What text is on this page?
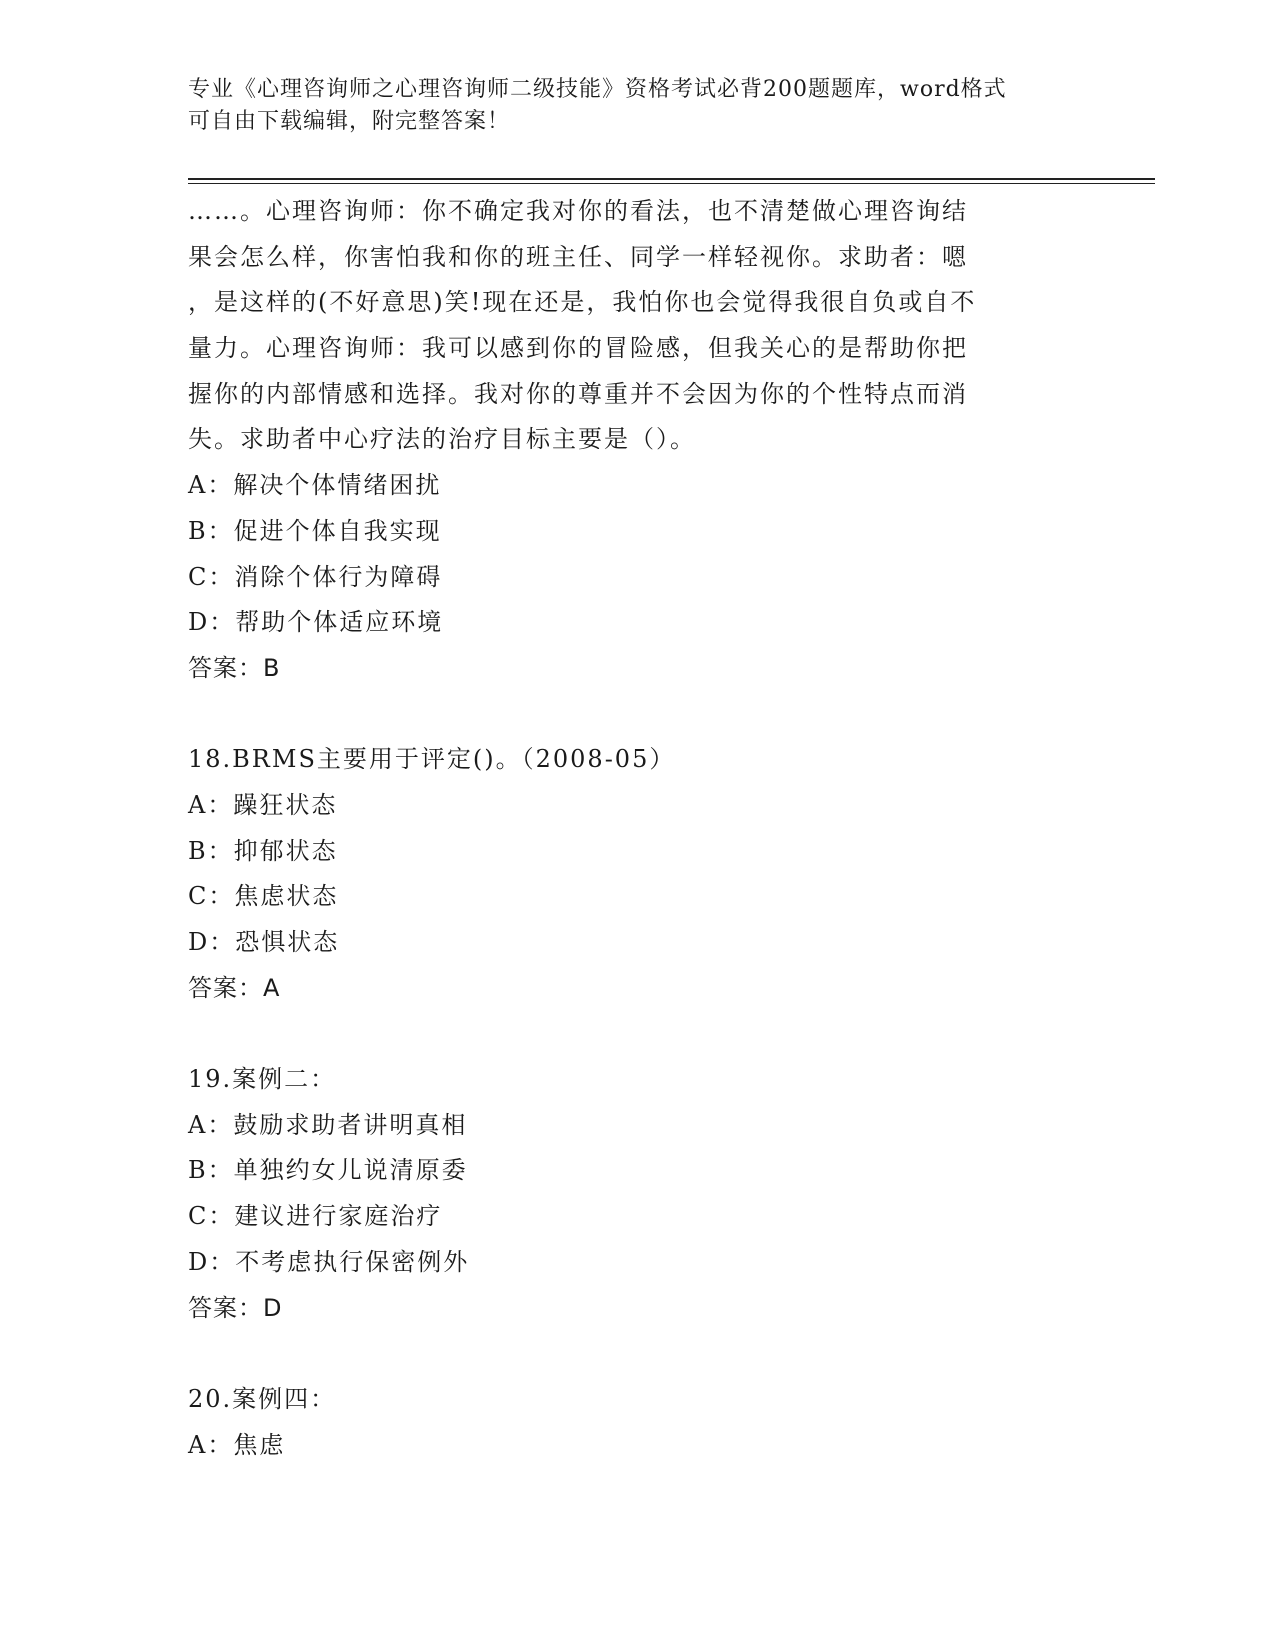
专业《心理咨询师之心理咨询师二级技能》资格考试必背200题题库，word格式
可自由下载编辑，附完整答案！
……。心理咨询师：你不确定我对你的看法，也不清楚做心理咨询结
果会怎么样，你害怕我和你的班主任、同学一样轻视你。求助者：嗯
，是这样的(不好意思)笑!现在还是，我怕你也会觉得我很自负或自不
量力。心理咨询师：我可以感到你的冒险感，但我关心的是帮助你把
握你的内部情感和选择。我对你的尊重并不会因为你的个性特点而消
失。求助者中心疗法的治疗目标主要是（）。
A：解决个体情绪困扰
B：促进个体自我实现
C：消除个体行为障碍
D：帮助个体适应环境
答案：B
18.BRMS主要用于评定()。（2008-05）
A：躁狂状态
B：抑郁状态
C：焦虑状态
D：恐惧状态
答案：A
19.案例二：
A：鼓励求助者讲明真相
B：单独约女儿说清原委
C：建议进行家庭治疗
D：不考虑执行保密例外
答案：D
20.案例四：
A：焦虑
